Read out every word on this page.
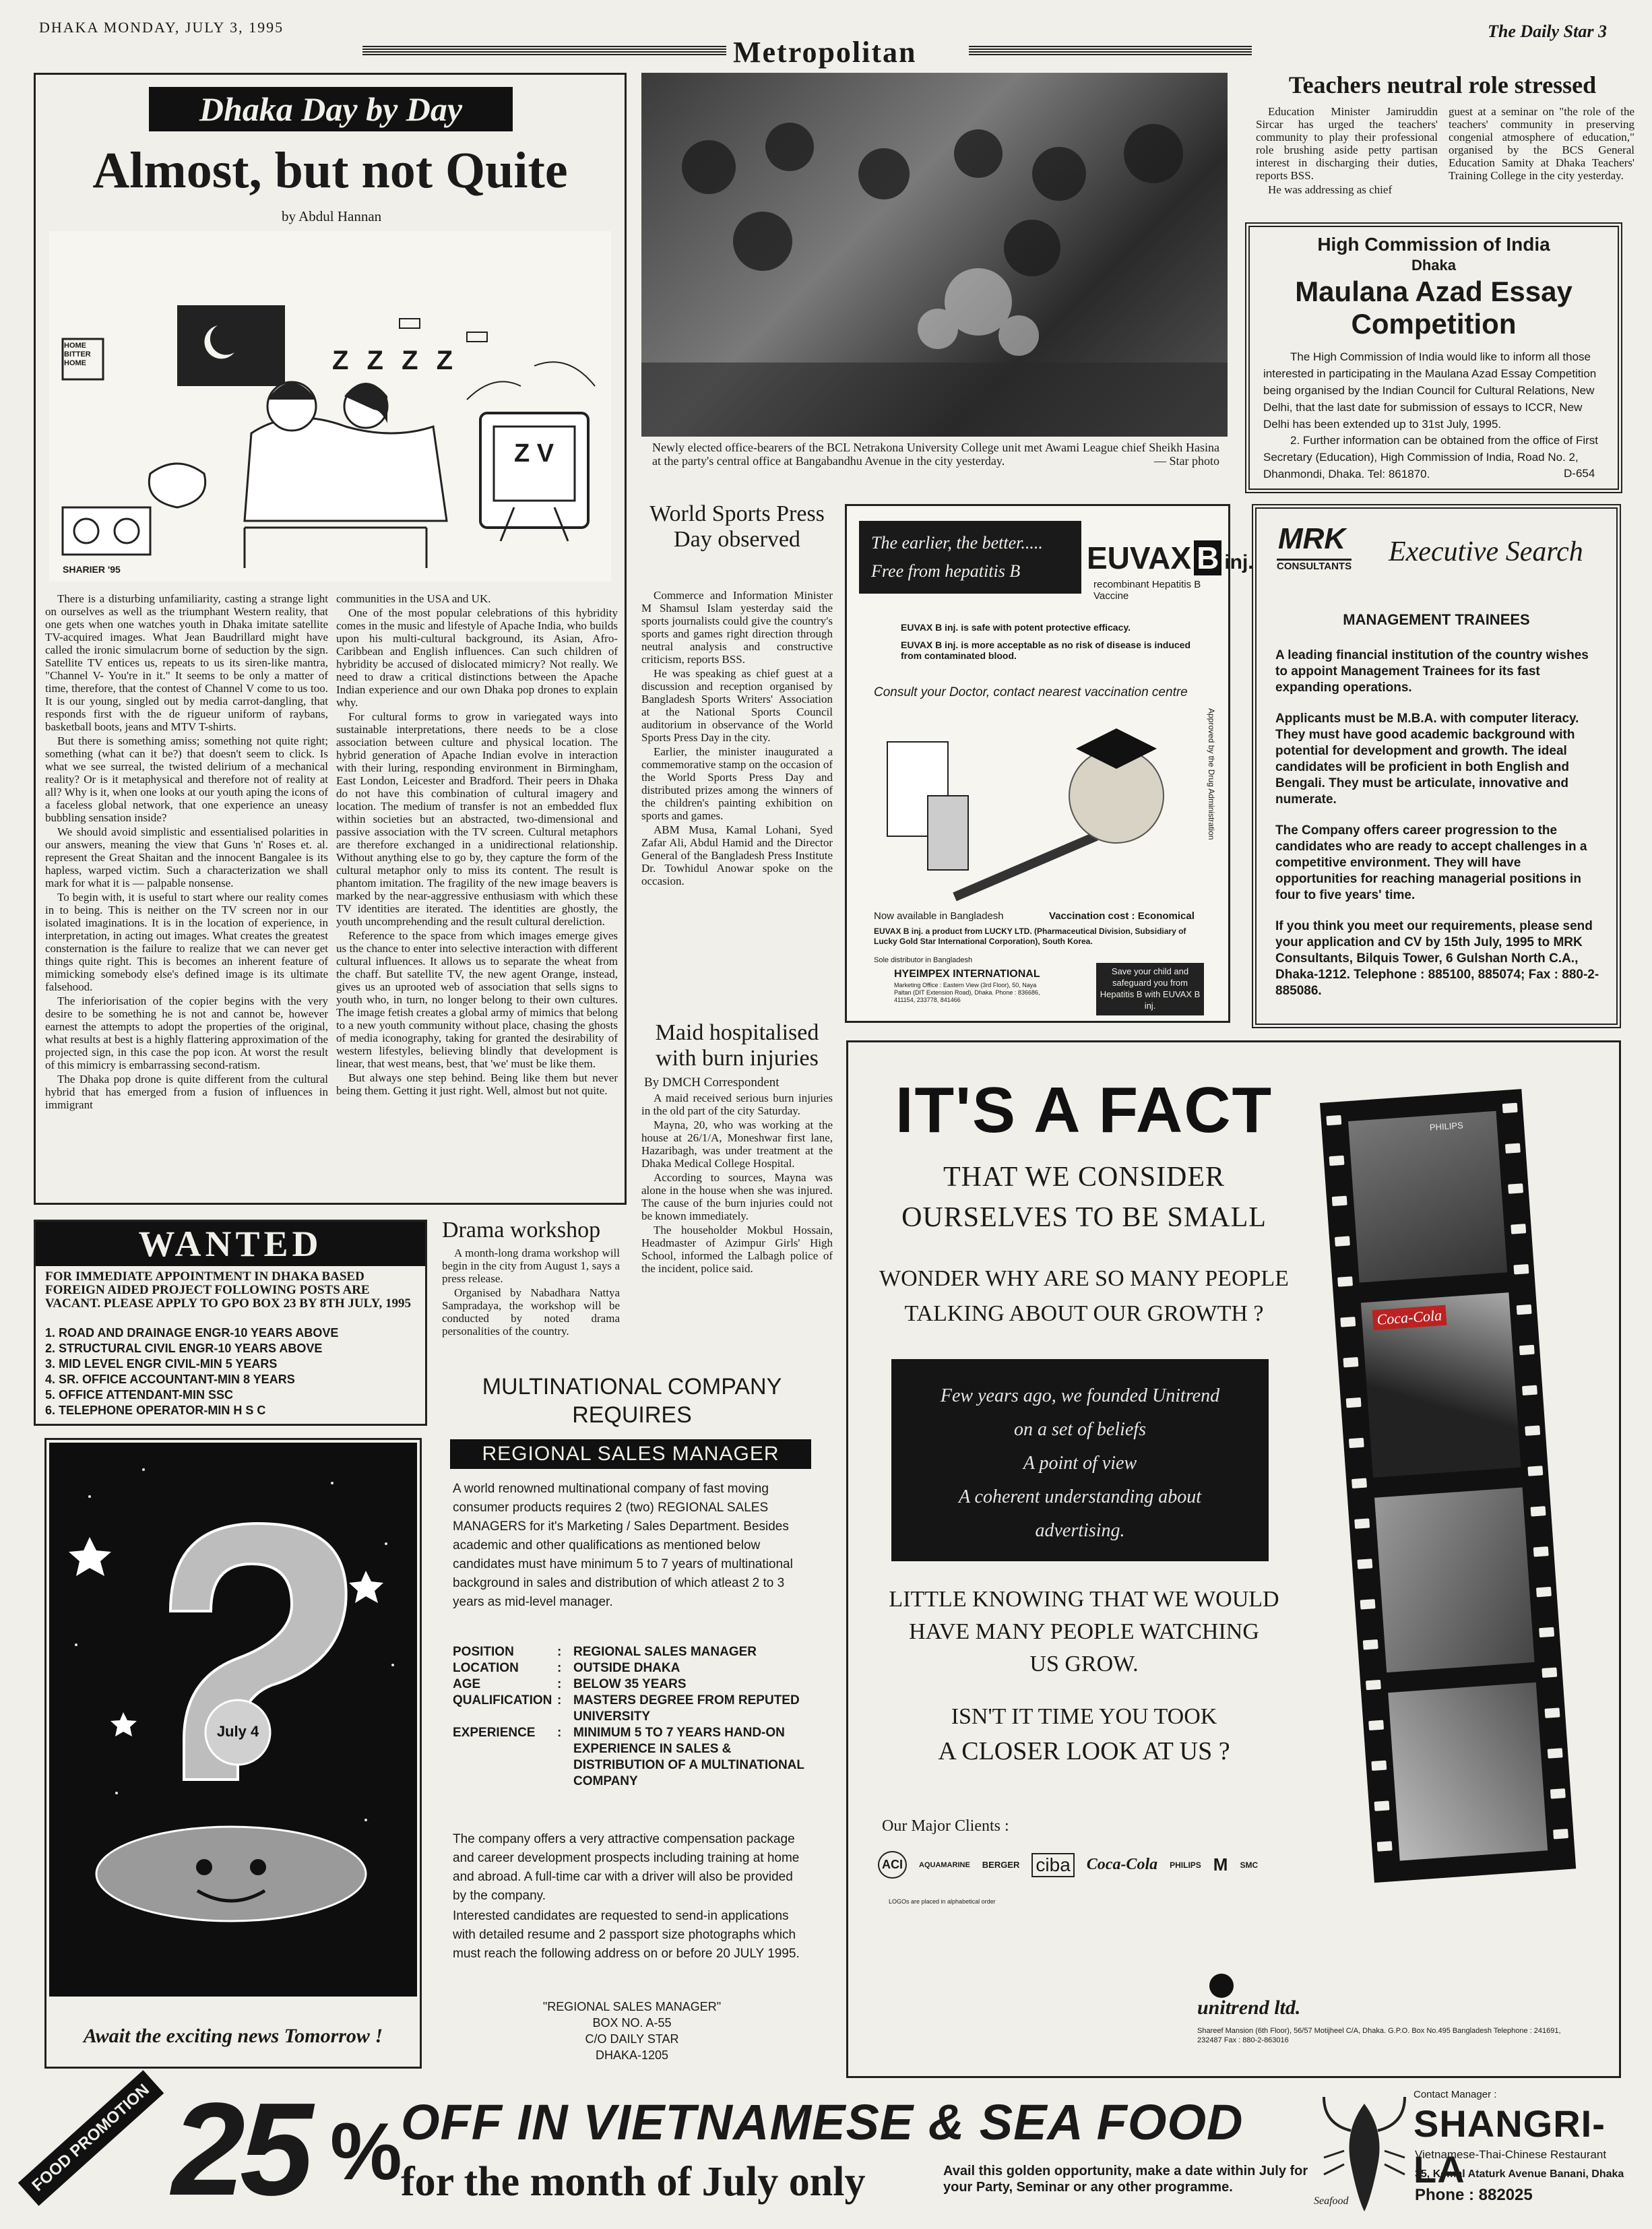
DHAKA MONDAY, JULY 3, 1995
Metropolitan
The Daily Star 3
Dhaka Day by Day
Almost, but not Quite
by Abdul Hannan
HOME BITTER HOME	Z Z Z Z
Z V
SHARIER '95

There is a disturbing unfamiliarity, casting a strange light on ourselves as well as the triumphant Western reality, that one gets when one watches youth in Dhaka imitate satellite TV-acquired images. What Jean Baudrillard might have called the ironic simulacrum borne of seduction by the sign. Satellite TV entices us, repeats to us its siren-like mantra, "Channel V- You're in it." It seems to be only a matter of time, therefore, that the contest of Channel V come to us too. It is our young, singled out by media carrot-dangling, that responds first with the de rigueur uniform of raybans, basketball boots, jeans and MTV T-shirts.

But there is something amiss; something not quite right; something (what can it be?) that doesn't seem to click. Is what we see surreal, the twisted delirium of a mechanical reality? Or is it metaphysical and therefore not of reality at all? Why is it, when one looks at our youth aping the icons of a faceless global network, that one experience an uneasy bubbling sensation inside?

We should avoid simplistic and essentialised polarities in our answers, meaning the view that Guns 'n' Roses et. al. represent the Great Shaitan and the innocent Bangalee is its hapless, warped victim. Such a characterization we shall mark for what it is — palpable nonsense.

To begin with, it is useful to start where our reality comes in to being. This is neither on the TV screen nor in our isolated imaginations. It is in the location of experience, in interpretation, in acting out images. What creates the greatest consternation is the failure to realize that we can never get things quite right. This is becomes an inherent feature of mimicking somebody else's defined image is its ultimate falsehood.

The inferiorisation of the copier begins with the very desire to be something he is not and cannot be, however earnest the attempts to adopt the properties of the original, what results at best is a highly flattering approximation of the projected sign, in this case the pop icon. At worst the result of this mimicry is embarrassing second-ratism.

The Dhaka pop drone is quite different from the cultural hybrid that has emerged from a fusion of influences in immigrant

communities in the USA and UK.

One of the most popular celebrations of this hybridity comes in the music and lifestyle of Apache India, who builds upon his multi-cultural background, its Asian, Afro-Caribbean and English influences. Can such children of hybridity be accused of dislocated mimicry? Not really. We need to draw a critical distinctions between the Apache Indian experience and our own Dhaka pop drones to explain why.

For cultural forms to grow in variegated ways into sustainable interpretations, there needs to be a close association between culture and physical location. The hybrid generation of Apache Indian evolve in interaction with their luring, responding environment in Birmingham, East London, Leicester and Bradford. Their peers in Dhaka do not have this combination of cultural imagery and location. The medium of transfer is not an embedded flux within societies but an abstracted, two-dimensional and passive association with the TV screen. Cultural metaphors are therefore exchanged in a unidirectional relationship. Without anything else to go by, they capture the form of the cultural metaphor only to miss its content. The result is phantom imitation. The fragility of the new image beavers is marked by the near-aggressive enthusiasm with which these TV identities are iterated. The identities are ghostly, the youth uncomprehending and the result cultural dereliction.

Reference to the space from which images emerge gives us the chance to enter into selective interaction with different cultural influences. It allows us to separate the wheat from the chaff. But satellite TV, the new agent Orange, instead, gives us an uprooted web of association that sells signs to youth who, in turn, no longer belong to their own cultures. The image fetish creates a global army of mimics that belong to a new youth community without place, chasing the ghosts of media iconography, taking for granted the desirability of western lifestyles, believing blindly that development is linear, that west means, best, that 'we' must be like them.

But always one step behind. Being like them but never being them. Getting it just right. Well, almost but not quite.

Newly elected office-bearers of the BCL Netrakona University College unit met Awami League chief Sheikh Hasina at the party's central office at Bangabandhu Avenue in the city yesterday.	— Star photo
Teachers neutral role stressed

Education Minister Jamiruddin Sircar has urged the teachers' community to play their professional role brushing aside petty partisan interest in discharging their duties, reports BSS.

He was addressing as chief

guest at a seminar on "the role of the teachers' community in preserving congenial atmosphere of education," organised by the BCS General Education Samity at Dhaka Teachers' Training College in the city yesterday.

High Commission of India
Dhaka
Maulana Azad Essay
Competition
The High Commission of India would like to inform all those interested in participating in the Maulana Azad Essay Competition being organised by the Indian Council for Cultural Relations, New Delhi, that the last date for submission of essays to ICCR, New Delhi has been extended up to 31st July, 1995.
2. Further information can be obtained from the office of First Secretary (Education), High Commission of India, Road No. 2, Dhanmondi, Dhaka. Tel: 861870.	D-654
World Sports Press Day observed

Commerce and Information Minister M Shamsul Islam yesterday said the sports journalists could give the country's sports and games right direction through neutral analysis and constructive criticism, reports BSS.

He was speaking as chief guest at a discussion and reception organised by Bangladesh Sports Writers' Association at the National Sports Council auditorium in observance of the World Sports Press Day in the city.

Earlier, the minister inaugurated a commemorative stamp on the occasion of the World Sports Press Day and distributed prizes among the winners of the children's painting exhibition on sports and games.

ABM Musa, Kamal Lohani, Syed Zafar Ali, Abdul Hamid and the Director General of the Bangladesh Press Institute Dr. Towhidul Anowar spoke on the occasion.

The earlier, the better.....
Free from hepatitis B EUVAX B inj.
recombinant Hepatitis B Vaccine
EUVAX B inj. is safe with potent protective efficacy.
EUVAX B inj. is more acceptable as no risk of disease is induced from contaminated blood.
Consult your Doctor, contact nearest vaccination centre
Approved by the Drug Administration
Now available in Bangladesh	Vaccination cost : Economical
EUVAX B inj. a product from LUCKY LTD. (Pharmaceutical Division, Subsidiary of Lucky Gold Star International Corporation), South Korea.
Sole distributor in Bangladesh
HYEIMPEX INTERNATIONAL
Marketing Office : Eastern View (3rd Floor), 50, Naya Paltan (DIT Extension Road), Dhaka. Phone : 836686, 411154, 233778, 841466
Save your child and safeguard you from Hepatitis B with EUVAX B inj.
MRK
CONSULTANTS Executive Search
MANAGEMENT TRAINEES
A leading financial institution of the country wishes to appoint Management Trainees for its fast expanding operations.
Applicants must be M.B.A. with computer literacy. They must have good academic background with potential for development and growth. The ideal candidates will be proficient in both English and Bengali. They must be articulate, innovative and numerate.
The Company offers career progression to the candidates who are ready to accept challenges in a competitive environment. They will have opportunities for reaching managerial positions in four to five years' time.
If you think you meet our requirements, please send your application and CV by 15th July, 1995 to MRK Consultants, Bilquis Tower, 6 Gulshan North C.A., Dhaka-1212. Telephone : 885100, 885074; Fax : 880-2-885086.
Maid hospitalised with burn injuries
By DMCH Correspondent

A maid received serious burn injuries in the old part of the city Saturday.

Mayna, 20, who was working at the house at 26/1/A, Moneshwar first lane, Hazaribagh, was under treatment at the Dhaka Medical College Hospital.

According to sources, Mayna was alone in the house when she was injured. The cause of the burn injuries could not be known immediately.

The householder Mokbul Hossain, Headmaster of Azimpur Girls' High School, informed the Lalbagh police of the incident, police said.

WANTED
FOR IMMEDIATE APPOINTMENT IN DHAKA BASED FOREIGN AIDED PROJECT FOLLOWING POSTS ARE VACANT. PLEASE APPLY TO GPO BOX 23 BY 8TH JULY, 1995
1. ROAD AND DRAINAGE ENGR-10 YEARS ABOVE
2. STRUCTURAL CIVIL ENGR-10 YEARS ABOVE
3. MID LEVEL ENGR CIVIL-MIN 5 YEARS
4. SR. OFFICE ACCOUNTANT-MIN 8 YEARS
5. OFFICE ATTENDANT-MIN SSC
6. TELEPHONE OPERATOR-MIN H S C
Drama workshop

A month-long drama workshop will begin in the city from August 1, says a press release.

Organised by Nabadhara Nattya Sampradaya, the workshop will be conducted by noted drama personalities of the country.

July 4
Await the exciting news Tomorrow !
MULTINATIONAL COMPANY
REQUIRES
REGIONAL SALES MANAGER
A world renowned multinational company of fast moving consumer products requires 2 (two) REGIONAL SALES MANAGERS for it's Marketing / Sales Department. Besides academic and other qualifications as mentioned below candidates must have minimum 5 to 7 years of multinational background in sales and distribution of which atleast 2 to 3 years as mid-level manager.
POSITION	: REGIONAL SALES MANAGER
LOCATION	: OUTSIDE DHAKA
AGE	: BELOW 35 YEARS
QUALIFICATION : MASTERS DEGREE FROM REPUTED UNIVERSITY
EXPERIENCE	: MINIMUM 5 TO 7 YEARS HAND-ON EXPERIENCE IN SALES & DISTRIBUTION OF A MULTINATIONAL COMPANY
The company offers a very attractive compensation package and career development prospects including training at home and abroad. A full-time car with a driver will also be provided by the company.
Interested candidates are requested to send-in applications with detailed resume and 2 passport size photographs which must reach the following address on or before 20 JULY 1995.
"REGIONAL SALES MANAGER"
BOX NO. A-55
C/O DAILY STAR
DHAKA-1205
IT'S A FACT
THAT WE CONSIDER
OURSELVES TO BE SMALL
WONDER WHY ARE SO MANY PEOPLE
TALKING ABOUT OUR GROWTH ?
Few years ago, we founded Unitrend
on a set of beliefs
A point of view
A coherent understanding about
advertising.
LITTLE KNOWING THAT WE WOULD
HAVE MANY PEOPLE WATCHING
US GROW.
ISN'T IT TIME YOU TOOK
A CLOSER LOOK AT US ?
Our Major Clients :
ACI	AQUAMARINE BERGER ciba Coca-Cola PHILIPS M SMC
LOGOs are placed in alphabetical order
PHILIPS
Coca-Cola
unitrend ltd.
Shareef Mansion (6th Floor), 56/57 Motijheel C/A, Dhaka. G.P.O. Box No.495 Bangladesh Telephone : 241691, 232487 Fax : 880-2-863016
FOOD PROMOTION 25 %
OFF IN VIETNAMESE & SEA FOOD
for the month of July only	Avail this golden opportunity, make a date within July for your Party, Seminar or any other programme.
Seafood
Contact Manager :
SHANGRI-LA
Vietnamese-Thai-Chinese Restaurant
35, Kemal Ataturk Avenue Banani, Dhaka
Phone : 882025
